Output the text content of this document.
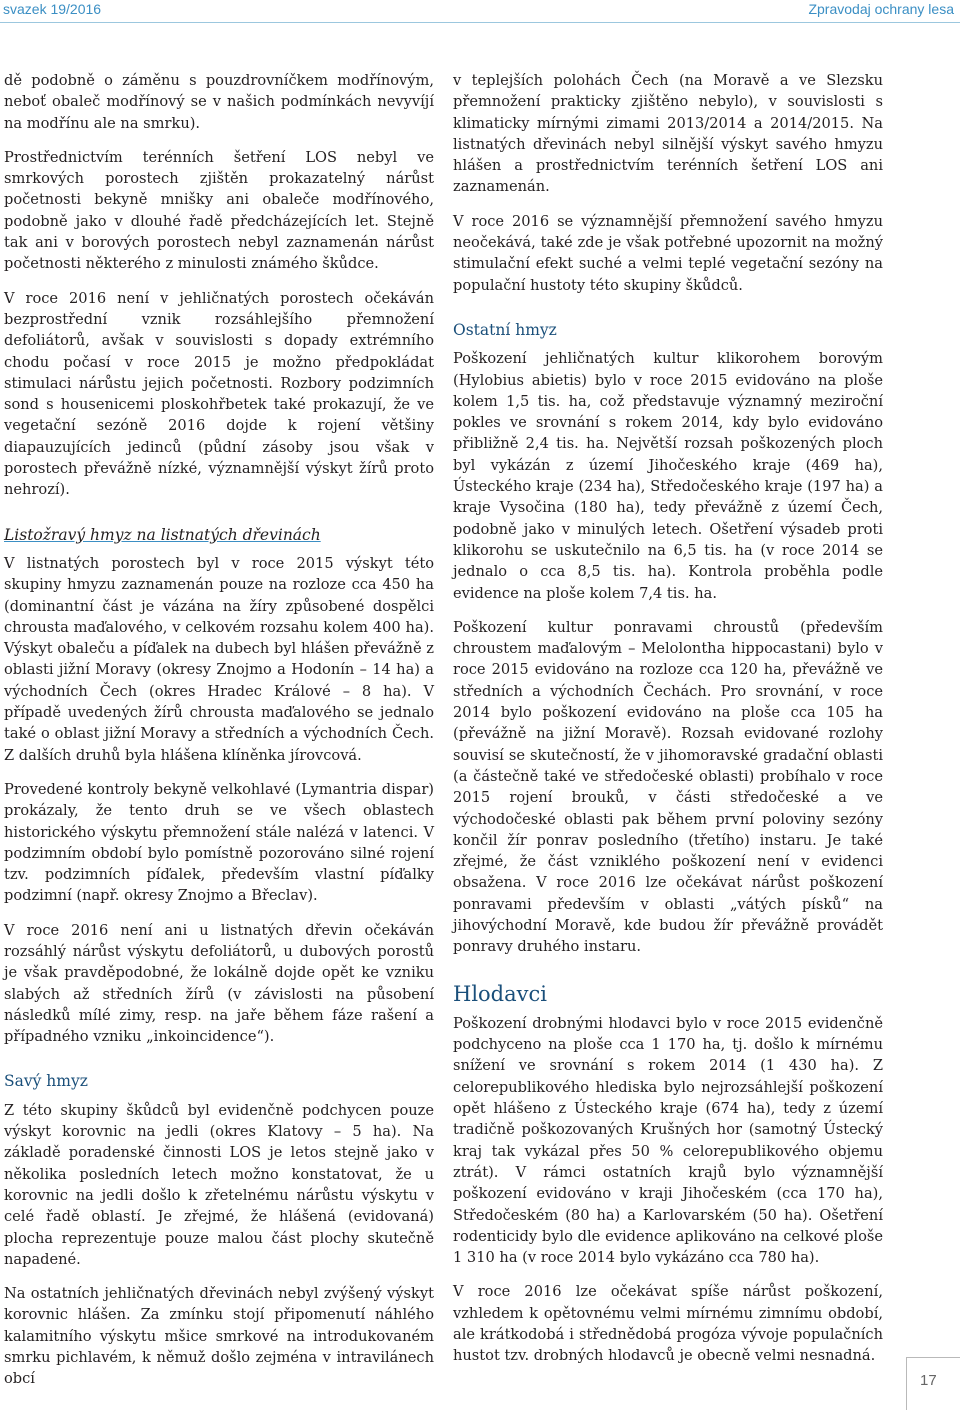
svazek 19/2016	Zpravodaj ochrany lesa

dě podobně o záměnu s pouzdrovníčkem modřínovým, neboť obaleč modřínový se v našich podmínkách nevyvíjí na modřínu ale na smrku).

Prostřednictvím terénních šetření LOS nebyl ve smrkových porostech zjištěn prokazatelný nárůst početnosti bekyně mnišky ani obaleče modřínového, podobně jako v dlouhé řadě předcházejících let. Stejně tak ani v borových porostech nebyl zaznamenán nárůst početnosti některého z minulosti známého škůdce.

V roce 2016 není v jehličnatých porostech očekáván bezprostřední vznik rozsáhlejšího přemnožení defoliátorů, avšak v souvislosti s dopady extrémního chodu počasí v roce 2015 je možno předpokládat stimulaci nárůstu jejich početnosti. Rozbory podzimních sond s housenicemi ploskohřbetek také prokazují, že ve vegetační sezóně 2016 dojde k rojení většiny diapauzujících jedinců (půdní zásoby jsou však v porostech převážně nízké, významnější výskyt žírů proto nehrozí).

Listožravý hmyz na listnatých dřevinách

V listnatých porostech byl v roce 2015 výskyt této skupiny hmyzu zaznamenán pouze na rozloze cca 450 ha (dominantní část je vázána na žíry způsobené dospělci chrousta maďalového, v celkovém rozsahu kolem 400 ha). Výskyt obaleču a píďalek na dubech byl hlášen převážně z oblasti jižní Moravy (okresy Znojmo a Hodonín – 14 ha) a východních Čech (okres Hradec Králové – 8 ha). V případě uvedených žírů chrousta maďalového se jednalo také o oblast jižní Moravy a středních a východních Čech. Z dalších druhů byla hlášena klíněnka jírovcová.

Provedené kontroly bekyně velkohlavé (Lymantria dispar) prokázaly, že tento druh se ve všech oblastech historického výskytu přemnožení stále nalézá v latenci. V podzimním období bylo pomístně pozorováno silné rojení tzv. podzimních píďalek, především vlastní píďalky podzimní (např. okresy Znojmo a Břeclav).

V roce 2016 není ani u listnatých dřevin očekáván rozsáhlý nárůst výskytu defoliátorů, u dubových porostů je však pravděpodobné, že lokálně dojde opět ke vzniku slabých až středních žírů (v závislosti na působení následků mílé zimy, resp. na jaře během fáze rašení a případného vzniku „inkoincidence“).

Savý hmyz

Z této skupiny škůdců byl evidenčně podchycen pouze výskyt korovnic na jedli (okres Klatovy – 5 ha). Na základě poradenské činnosti LOS je letos stejně jako v několika posledních letech možno konstatovat, že u korovnic na jedli došlo k zřetelnému nárůstu výskytu v celé řadě oblastí. Je zřejmé, že hlášená (evidovaná) plocha reprezentuje pouze malou část plochy skutečně napadené.

Na ostatních jehličnatých dřevinách nebyl zvýšený výskyt korovnic hlášen. Za zmínku stojí připomenutí náhlého kalamitního výskytu mšice smrkové na introdukovaném smrku pichlavém, k němuž došlo zejména v intravilánech obcí

v teplejších polohách Čech (na Moravě a ve Slezsku přemnožení prakticky zjištěno nebylo), v souvislosti s klimaticky mírnými zimami 2013/2014 a 2014/2015. Na listnatých dřevinách nebyl silnější výskyt savého hmyzu hlášen a prostřednictvím terénních šetření LOS ani zaznamenán.

V roce 2016 se významnější přemnožení savého hmyzu neočekává, také zde je však potřebné upozornit na možný stimulační efekt suché a velmi teplé vegetační sezóny na populační hustoty této skupiny škůdců.

Ostatní hmyz

Poškození jehličnatých kultur klikorohem borovým (Hylobius abietis) bylo v roce 2015 evidováno na ploše kolem 1,5 tis. ha, což představuje významný meziroční pokles ve srovnání s rokem 2014, kdy bylo evidováno přibližně 2,4 tis. ha. Největší rozsah poškozených ploch byl vykázán z území Jihočeského kraje (469 ha), Ústeckého kraje (234 ha), Středočeského kraje (197 ha) a kraje Vysočina (180 ha), tedy převážně z území Čech, podobně jako v minulých letech. Ošetření výsadeb proti klikorohu se uskutečnilo na 6,5 tis. ha (v roce 2014 se jednalo o cca 8,5 tis. ha). Kontrola proběhla podle evidence na ploše kolem 7,4 tis. ha.

Poškození kultur ponravami chroustů (především chroustem maďalovým – Melolontha hippocastani) bylo v roce 2015 evidováno na rozloze cca 120 ha, převážně ve středních a východních Čechách. Pro srovnání, v roce 2014 bylo poškození evidováno na ploše cca 105 ha (převážně na jižní Moravě). Rozsah evidované rozlohy souvisí se skutečností, že v jihomoravské gradační oblasti (a částečně také ve středočeské oblasti) probíhalo v roce 2015 rojení brouků, v části středočeské a ve východočeské oblasti pak během první poloviny sezóny končil žír ponrav posledního (třetího) instaru. Je také zřejmé, že část vzniklého poškození není v evidenci obsažena. V roce 2016 lze očekávat nárůst poškození ponravami především v oblasti „vátých písků“ na jihovýchodní Moravě, kde budou žír převážně provádět ponravy druhého instaru.

Hlodavci

Poškození drobnými hlodavci bylo v roce 2015 evidenčně podchyceno na ploše cca 1 170 ha, tj. došlo k mírnému snížení ve srovnání s rokem 2014 (1 430 ha). Z celorepublikového hlediska bylo nejrozsáhlejší poškození opět hlášeno z Ústeckého kraje (674 ha), tedy z území tradičně poškozovaných Krušných hor (samotný Ústecký kraj tak vykázal přes 50 % celorepublikového objemu ztrát). V rámci ostatních krajů bylo významnější poškození evidováno v kraji Jihočeském (cca 170 ha), Středočeském (80 ha) a Karlovarském (50 ha). Ošetření rodenticidy bylo dle evidence aplikováno na celkové ploše 1 310 ha (v roce 2014 bylo vykázáno cca 780 ha).

V roce 2016 lze očekávat spíše nárůst poškození, vzhledem k opětovnému velmi mírnému zimnímu období, ale krátkodobá i střednědobá progóza vývoje populačních hustot tzv. drobných hlodavců je obecně velmi nesnadná.

17
